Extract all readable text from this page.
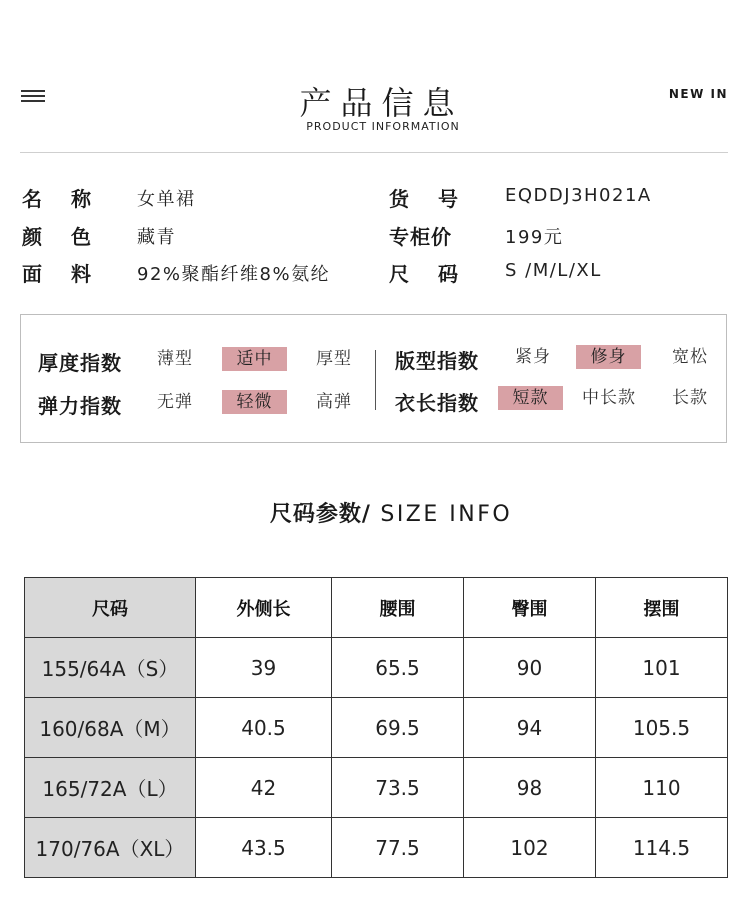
产品信息
PRODUCT INFORMATION
NEW IN
名 称	女单裙
颜 色	藏青
面 料	92%聚酯纤维8%氨纶
货 号	EQDDJ3H021A
专柜价	199元
尺 码	S /M/L/XL
厚度指数	薄型	适中	厚型
弹力指数	无弹	轻微	高弹
版型指数	紧身	修身	宽松
衣长指数	短款	中长款	长款
尺码参数/ SIZE INFO
尺码	外侧长	腰围	臀围	摆围
155/64A（S）	39	65.5	90	101
160/68A（M）	40.5	69.5	94	105.5
165/72A（L）	42	73.5	98	110
170/76A（XL）	43.5	77.5	102	114.5
